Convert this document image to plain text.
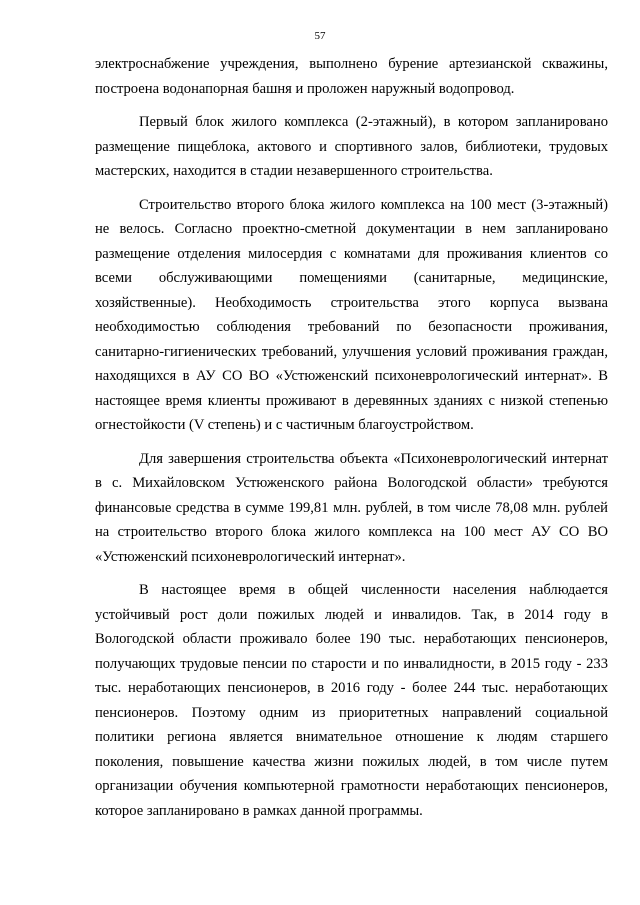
57

электроснабжение учреждения, выполнено бурение артезианской скважины, построена водонапорная башня и проложен наружный водопровод.

Первый блок жилого комплекса (2-этажный), в котором запланировано размещение пищеблока, актового и спортивного залов, библиотеки, трудовых мастерских, находится в стадии незавершенного строительства.

Строительство второго блока жилого комплекса на 100 мест (3-этажный) не велось. Согласно проектно-сметной документации в нем запланировано размещение отделения милосердия с комнатами для проживания клиентов со всеми обслуживающими помещениями (санитарные, медицинские, хозяйственные). Необходимость строительства этого корпуса вызвана необходимостью соблюдения требований по безопасности проживания, санитарно-гигиенических требований, улучшения условий проживания граждан, находящихся в АУ СО ВО «Устюженский психоневрологический интернат». В настоящее время клиенты проживают в деревянных зданиях с низкой степенью огнестойкости (V степень) и с частичным благоустройством.

Для завершения строительства объекта «Психоневрологический интернат в с. Михайловском Устюженского района Вологодской области» требуются финансовые средства в сумме 199,81 млн. рублей, в том числе 78,08 млн. рублей на строительство второго блока жилого комплекса на 100 мест АУ СО ВО «Устюженский психоневрологический интернат».

В настоящее время в общей численности населения наблюдается устойчивый рост доли пожилых людей и инвалидов. Так, в 2014 году в Вологодской области проживало более 190 тыс. неработающих пенсионеров, получающих трудовые пенсии по старости и по инвалидности, в 2015 году - 233 тыс. неработающих пенсионеров, в 2016 году - более 244 тыс. неработающих пенсионеров. Поэтому одним из приоритетных направлений социальной политики региона является внимательное отношение к людям старшего поколения, повышение качества жизни пожилых людей, в том числе путем организации обучения компьютерной грамотности неработающих пенсионеров, которое запланировано в рамках данной программы.
